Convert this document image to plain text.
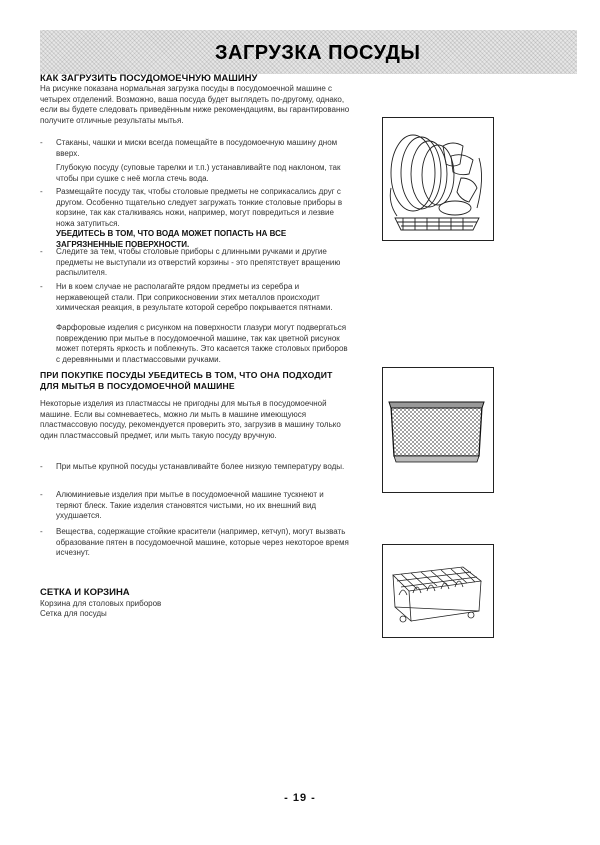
ЗАГРУЗКА ПОСУДЫ
КАК ЗАГРУЗИТЬ ПОСУДОМОЕЧНУЮ МАШИНУ
На рисунке показана нормальная загрузка посуды в посудомоечной машине с четырех отделений. Возможно, ваша посуда будет выглядеть по-другому, однако, если вы будете следовать приведённым ниже рекомендациям, вы гарантированно получите отличные результаты мытья.
- Стаканы, чашки и миски всегда помещайте в посудомоечную машину дном вверх.
Глубокую посуду (суповые тарелки и т.п.) устанавливайте под наклоном, так чтобы при сушке с неё могла стечь вода.
- Размещайте посуду так, чтобы столовые предметы не соприкасались друг с другом. Особенно тщательно следует загружать тонкие столовые приборы в корзине, так как сталкиваясь ножи, например, могут повредиться и лезвие ножа затупиться.
УБЕДИТЕСЬ В ТОМ, ЧТО ВОДА МОЖЕТ ПОПАСТЬ НА ВСЕ ЗАГРЯЗНЕННЫЕ ПОВЕРХНОСТИ.
- Следите за тем, чтобы столовые приборы с длинными ручками и другие предметы не выступали из отверстий корзины - это препятствует вращению распылителя.
- Ни в коем случае не располагайте рядом предметы из серебра и нержавеющей стали. При соприкосновении этих металлов происходит химическая реакция, в результате которой серебро покрывается пятнами.
Фарфоровые изделия с рисунком на поверхности глазури могут подвергаться повреждению при мытье в посудомоечной машине, так как цветной рисунок может потерять яркость и поблекнуть. Это касается также столовых приборов с деревянными и пластмассовыми ручками.
ПРИ ПОКУПКЕ ПОСУДЫ УБЕДИТЕСЬ В ТОМ, ЧТО ОНА ПОДХОДИТ ДЛЯ МЫТЬЯ В ПОСУДОМОЕЧНОЙ МАШИНЕ
Некоторые изделия из пластмассы не пригодны для мытья в посудомоечной машине. Если вы сомневаетесь, можно ли мыть в машине имеющуюся пластмассовую посуду, рекомендуется проверить это, загрузив в машину только один пластмассовый предмет, или мыть такую посуду вручную.
- При мытье крупной посуды устанавливайте более низкую температуру воды.
- Алюминиевые изделия при мытье в посудомоечной машине тускнеют и теряют блеск. Такие изделия становятся чистыми, но их внешний вид ухудшается.
- Вещества, содержащие стойкие красители (например, кетчуп), могут вызвать образование пятен в посудомоечной машине, которые через некоторое время исчезнут.
СЕТКА И КОРЗИНА
Корзина для столовых приборов
Сетка для посуды
- 19 -
